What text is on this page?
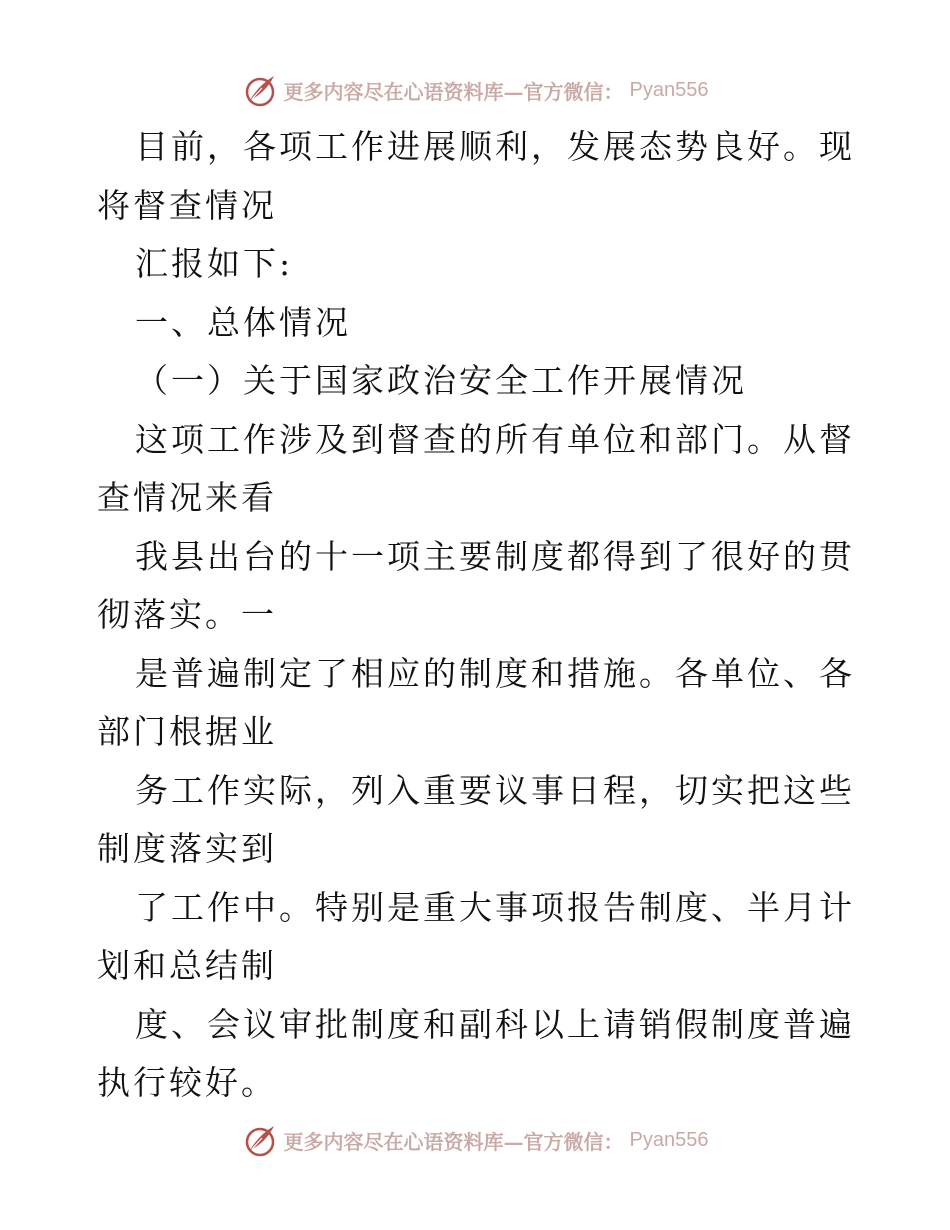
更多内容尽在心语资料库—官方微信： Pyan556

目前，各项工作进展顺利，发展态势良好。现将督查情况

汇报如下:

一、总体情况

（一）关于国家政治安全工作开展情况

这项工作涉及到督查的所有单位和部门。从督查情况来看

我县出台的十一项主要制度都得到了很好的贯彻落实。一

是普遍制定了相应的制度和措施。各单位、各部门根据业

务工作实际，列入重要议事日程，切实把这些制度落实到

了工作中。特别是重大事项报告制度、半月计划和总结制

度、会议审批制度和副科以上请销假制度普遍执行较好。

更多内容尽在心语资料库—官方微信： Pyan556
